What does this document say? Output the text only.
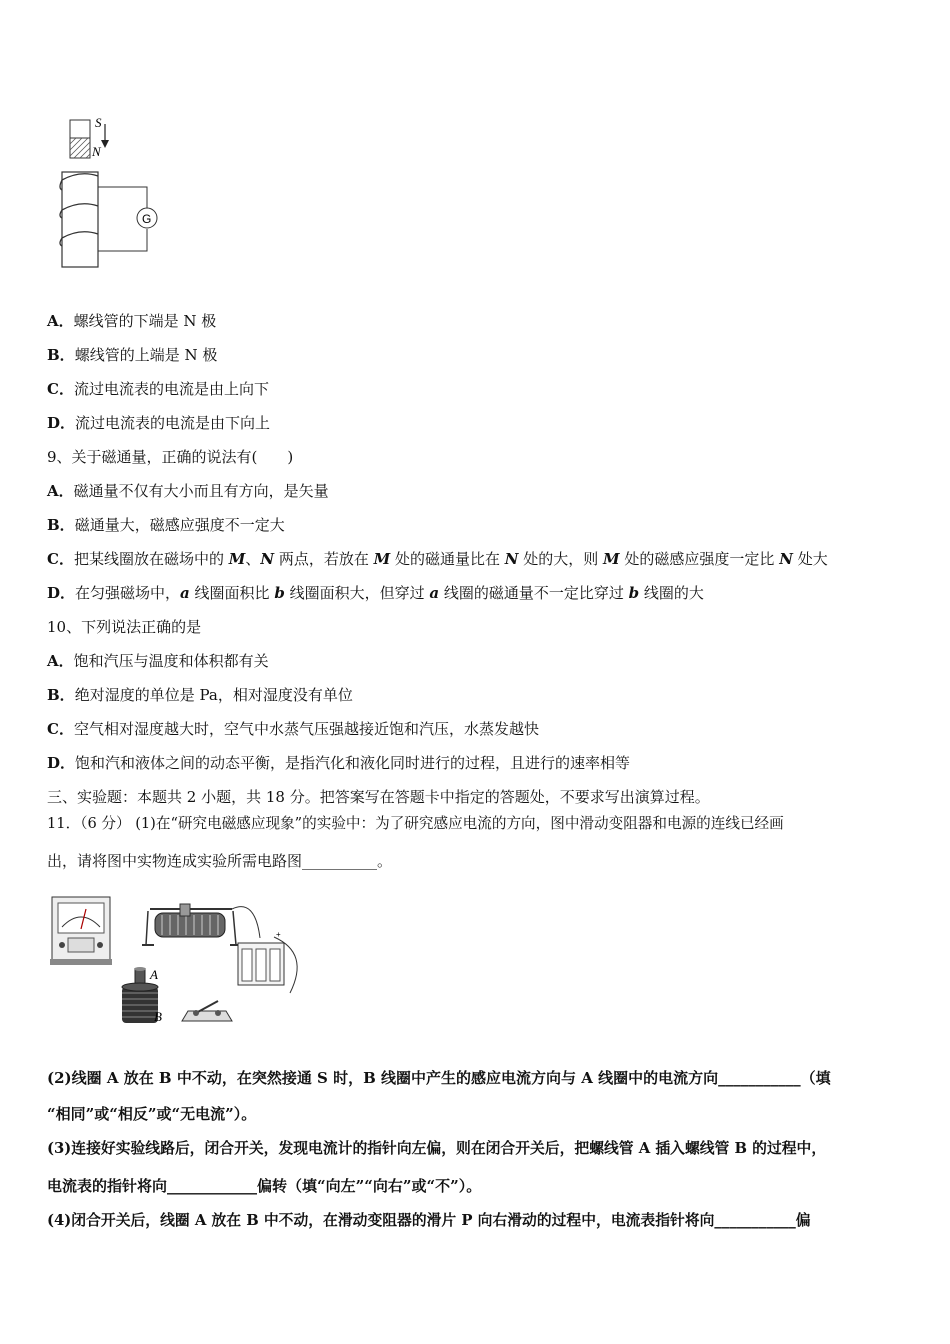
S
N
G
A．螺线管的下端是 N 极
B．螺线管的上端是 N 极
C．流过电流表的电流是由上向下
D．流过电流表的电流是由下向上
9、关于磁通量，正确的说法有(　　)
A．磁通量不仅有大小而且有方向，是矢量
B．磁通量大，磁感应强度不一定大
C．把某线圈放在磁场中的 M、N 两点，若放在 M 处的磁通量比在 N 处的大，则 M 处的磁感应强度一定比 N 处大
D．在匀强磁场中，a 线圈面积比 b 线圈面积大，但穿过 a 线圈的磁通量不一定比穿过 b 线圈的大
10、下列说法正确的是
A．饱和汽压与温度和体积都有关
B．绝对湿度的单位是 Pa，相对湿度没有单位
C．空气相对湿度越大时，空气中水蒸气压强越接近饱和汽压，水蒸发越快
D．饱和汽和液体之间的动态平衡，是指汽化和液化同时进行的过程，且进行的速率相等
三、实验题：本题共 2 小题，共 18 分。把答案写在答题卡中指定的答题处，不要求写出演算过程。
11．（6 分） (1)在“研究电磁感应现象”的实验中：为了研究感应电流的方向，图中滑动变阻器和电源的连线已经画
出，请将图中实物连成实验所需电路图__________。
+
A
B
(2)线圈 A 放在 B 中不动，在突然接通 S 时，B 线圈中产生的感应电流方向与 A 线圈中的电流方向___________（填
“相同”或“相反”或“无电流”）。
(3)连接好实验线路后，闭合开关，发现电流计的指针向左偏，则在闭合开关后，把螺线管 A 插入螺线管 B 的过程中，
电流表的指针将向____________偏转（填“向左”“向右”或“不”）。
(4)闭合开关后，线圈 A 放在 B 中不动，在滑动变阻器的滑片 P 向右滑动的过程中，电流表指针将向___________偏
